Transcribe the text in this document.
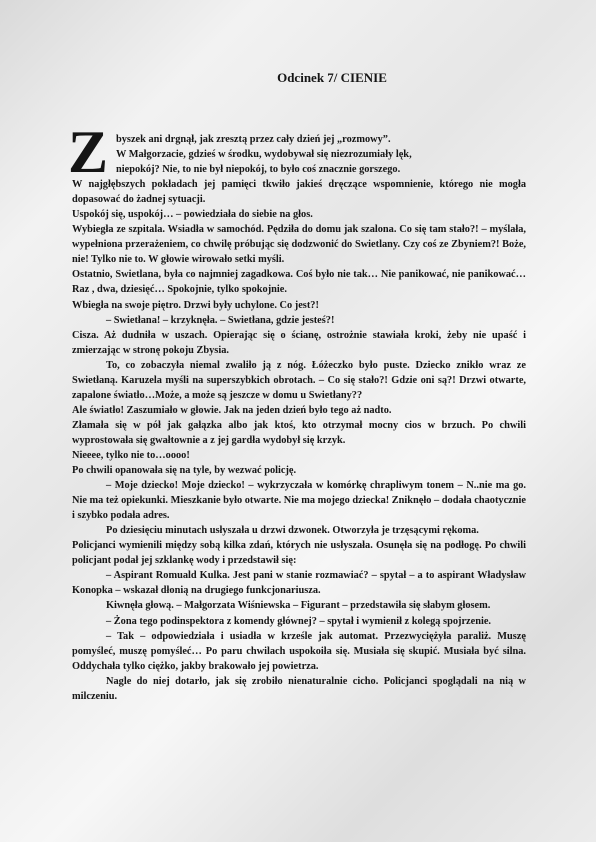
Odcinek 7/ CIENIE
Z byszek ani drgnął, jak zresztą przez cały dzień jej „rozmowy”.

W Małgorzacie, gdzieś w środku, wydobywał się niezrozumiały lęk,

niepokój? Nie, to nie był niepokój, to było coś znacznie gorszego.

W najgłębszych pokładach jej pamięci tkwiło jakieś dręczące wspomnienie, którego nie mogła dopasować do żadnej sytuacji.

Uspokój się, uspokój… – powiedziała do siebie na głos.

Wybiegła ze szpitala. Wsiadła w samochód. Pędziła do domu jak szalona. Co się tam stało?! – myślała, wypełniona przerażeniem, co chwilę próbując się dodzwonić do Swietlany. Czy coś ze Zbyniem?! Boże, nie! Tylko nie to. W głowie wirowało setki myśli.

Ostatnio, Swietlana, była co najmniej zagadkowa. Coś było nie tak… Nie panikować, nie panikować… Raz , dwa, dziesięć… Spokojnie, tylko spokojnie.

Wbiegła na swoje piętro. Drzwi były uchylone. Co jest?!

– Swietłana! – krzyknęła. – Swietłana, gdzie jesteś?!

Cisza. Aż dudniła w uszach. Opierając się o ścianę, ostrożnie stawiała kroki, żeby nie upaść i zmierzając w stronę pokoju Zbysia.

To, co zobaczyła niemal zwaliło ją z nóg. Łóżeczko było puste. Dziecko znikło wraz ze Swietłaną. Karuzela myśli na superszybkich obrotach. – Co się stało?! Gdzie oni są?! Drzwi otwarte, zapalone światło…Może, a może są jeszcze w domu u Swietłany??

Ale światło! Zaszumiało w głowie. Jak na jeden dzień było tego aż nadto.

Złamała się w pół jak gałązka albo jak ktoś, kto otrzymał mocny cios w brzuch. Po chwili wyprostowała się gwałtownie a z jej gardła wydobył się krzyk.

Nieeee, tylko nie to…oooo!

Po chwili opanowała się na tyle, by wezwać policję.

– Moje dziecko! Moje dziecko! – wykrzyczała w komórkę chrapliwym tonem – N..nie ma go. Nie ma też opiekunki. Mieszkanie było otwarte. Nie ma mojego dziecka! Zniknęło – dodała chaotycznie i szybko podała adres.

Po dziesięciu minutach usłyszała u drzwi dzwonek. Otworzyła je trzęsącymi rękoma.

Policjanci wymienili między sobą kilka zdań, których nie usłyszała. Osunęła się na podłogę. Po chwili policjant podał jej szklankę wody i przedstawił się:

– Aspirant Romuald Kulka. Jest pani w stanie rozmawiać? – spytał – a to aspirant Władysław Konopka – wskazał dłonią na drugiego funkcjonariusza.

Kiwnęła głową. – Małgorzata Wiśniewska – Figurant – przedstawiła się słabym głosem.

– Żona tego podinspektora z komendy głównej? – spytał i wymienił z kolegą spojrzenie.

– Tak – odpowiedziała i usiadła w krześle jak automat. Przezwyciężyła paraliż. Muszę pomyśleć, muszę pomyśleć… Po paru chwilach uspokoiła się. Musiała się skupić. Musiała być silna. Oddychała tylko ciężko, jakby brakowało jej powietrza.

Nagle do niej dotarło, jak się zrobiło nienaturalnie cicho. Policjanci spoglądali na nią w milczeniu.
